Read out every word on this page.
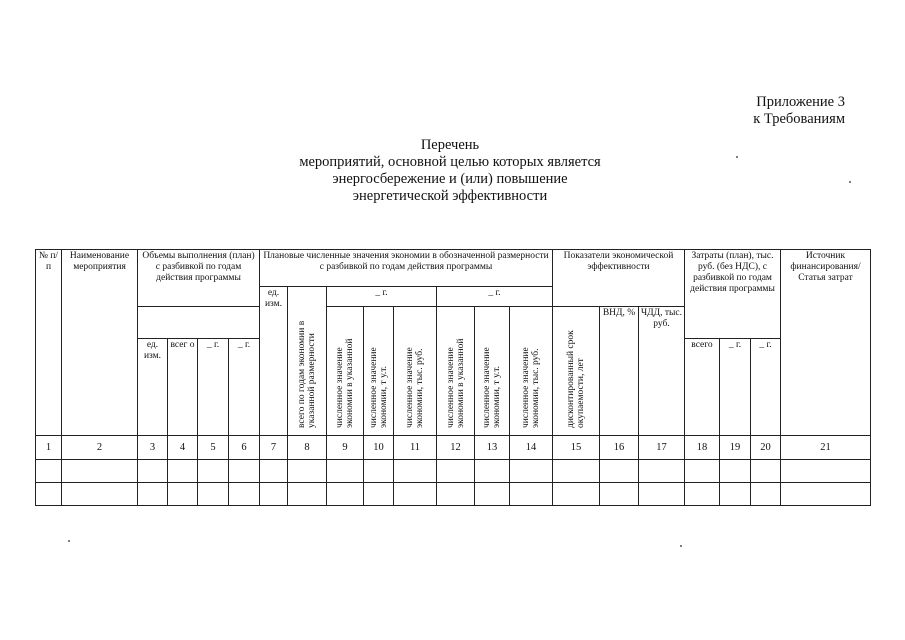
Приложение 3
к Требованиям
Перечень
мероприятий, основной целью которых является
энергосбережение и (или) повышение
энергетической эффективности
№ п/п	Наименование мероприятия	Объемы выполнения (план) с разбивкой по годам действия программы				Плановые численные значения экономии в обозначенной размерности с разбивкой по годам действия программы								Показатели экономической эффективности			Затраты (план), тыс. руб. (без НДС), с разбивкой по годам действия программы			Источник финансирования/ Статья затрат
						ед. изм.	всего по годам экономии в указанной размерности	_ г.			_ г.									
								численное значение экономии в указанной	численное значение экономии, т у.т.	численное значение экономии, тыс. руб.	численное значение экономии в указанной	численное значение экономии, т у.т.	численное значение экономии, тыс. руб.	дисконтированный срок окупаемости, лет	ВНД, %	ЧДД, тыс. руб.				
		ед. изм.	всег о	_ г.	_ г.												всего	_ г.	_ г.	
1	2	3	4	5	6	7	8	9	10	11	12	13	14	15	16	17	18	19	20	21
